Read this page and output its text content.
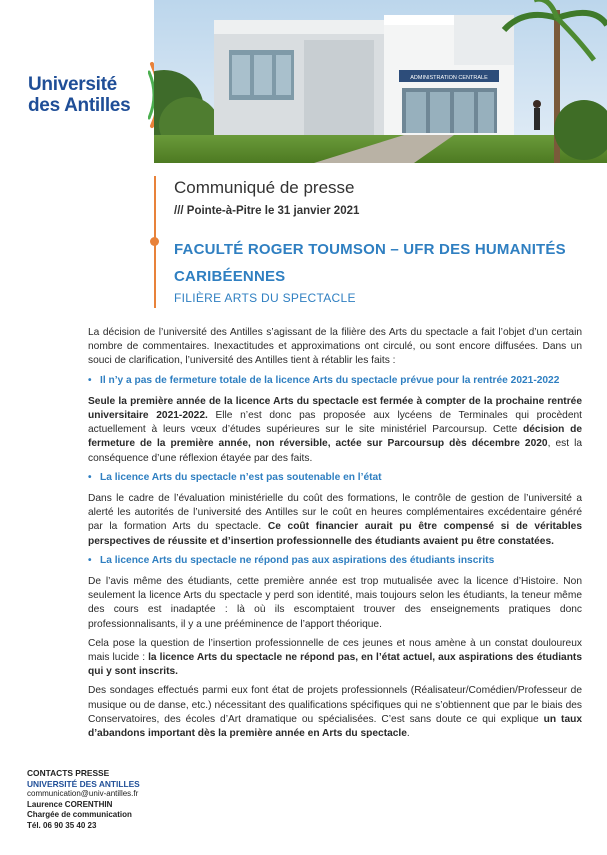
Université
des Antilles
ADMINISTRATION CENTRALE
Communiqué de presse
/// Pointe-à-Pitre le 31 janvier 2021
FACULTÉ ROGER TOUMSON – UFR DES HUMANITÉS
CARIBÉENNES
FILIÈRE ARTS DU SPECTACLE

La décision de l’université des Antilles s’agissant de la filière des Arts du spectacle a fait l’objet d’un certain nombre de commentaires. Inexactitudes et approximations ont circulé, ou sont encore diffusées. Dans un souci de clarification, l’université des Antilles tient à rétablir les faits :

• Il n’y a pas de fermeture totale de la licence Arts du spectacle prévue pour la rentrée 2021-2022

Seule la première année de la licence Arts du spectacle est fermée à compter de la prochaine rentrée universitaire 2021-2022. Elle n’est donc pas proposée aux lycéens de Terminales qui procèdent actuellement à leurs vœux d’études supérieures sur le site ministériel Parcoursup. Cette décision de fermeture de la première année, non réversible, actée sur Parcoursup dès décembre 2020, est la conséquence d’une réflexion étayée par des faits.

• La licence Arts du spectacle n’est pas soutenable en l’état

Dans le cadre de l’évaluation ministérielle du coût des formations, le contrôle de gestion de l’université a alerté les autorités de l’université des Antilles sur le coût en heures complémentaires excédentaire généré par la formation Arts du spectacle. Ce coût financier aurait pu être compensé si de véritables perspectives de réussite et d’insertion professionnelle des étudiants avaient pu être constatées.

• La licence Arts du spectacle ne répond pas aux aspirations des étudiants inscrits

De l’avis même des étudiants, cette première année est trop mutualisée avec la licence d’Histoire. Non seulement la licence Arts du spectacle y perd son identité, mais toujours selon les étudiants, la teneur même des cours est inadaptée : là où ils escomptaient trouver des enseignements pratiques donc professionnalisants, il y a une prééminence de l’apport théorique.

Cela pose la question de l’insertion professionnelle de ces jeunes et nous amène à un constat douloureux mais lucide : la licence Arts du spectacle ne répond pas, en l’état actuel, aux aspirations des étudiants qui y sont inscrits.

Des sondages effectués parmi eux font état de projets professionnels (Réalisateur/Comédien/Professeur de musique ou de danse, etc.) nécessitant des qualifications spécifiques qui ne s’obtiennent que par le biais des Conservatoires, des écoles d’Art dramatique ou spécialisées. C’est sans doute ce qui explique un taux d’abandons important dès la première année en Arts du spectacle.

CONTACTS PRESSE
UNIVERSITÉ DES ANTILLES
communication@univ-antilles.fr
Laurence CORENTHIN
Chargée de communication
Tél. 06 90 35 40 23
